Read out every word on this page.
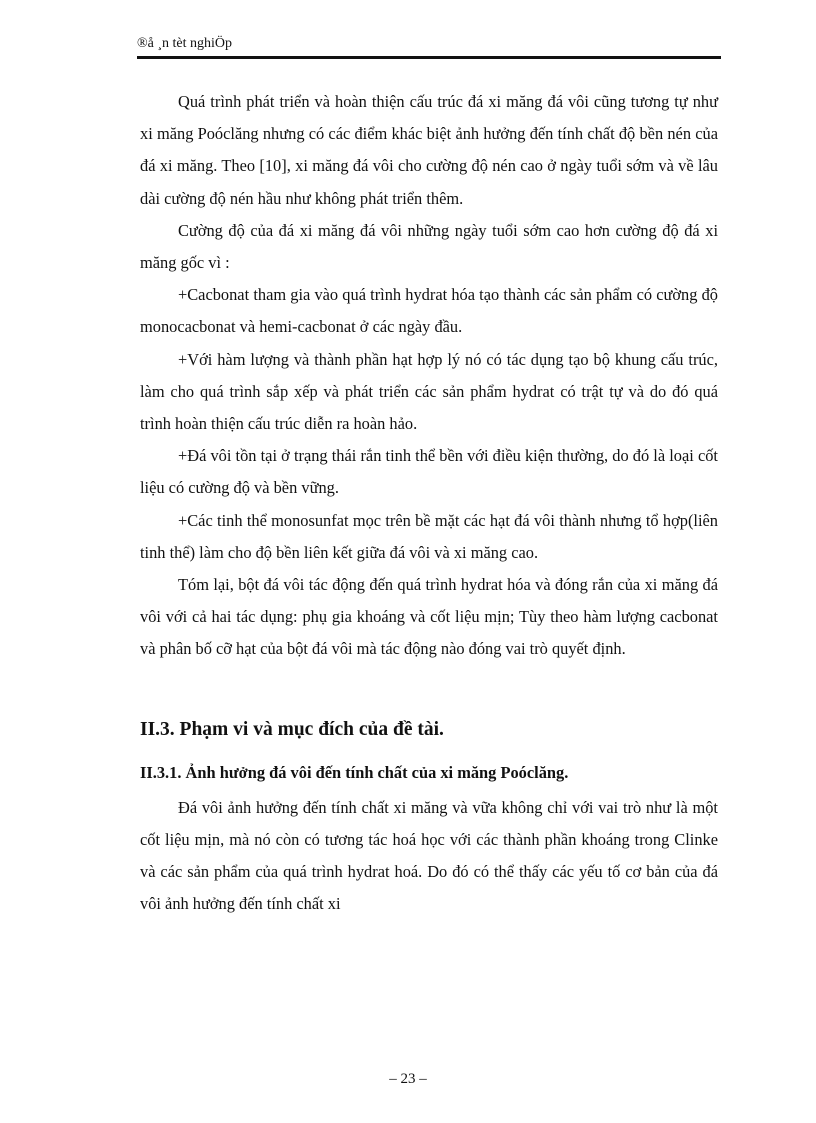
®å ¸n tèt nghiÖp

Quá trình phát triển và hoàn thiện cấu trúc đá xi măng đá vôi cũng tương tự như xi măng Poóclăng nhưng có các điểm khác biệt ảnh hưởng đến tính chất độ bền nén của đá xi măng. Theo [10], xi măng đá vôi cho cường độ nén cao ở ngày tuổi sớm và về lâu dài cường độ nén hầu như không phát triển thêm.

Cường độ của đá xi măng đá vôi những ngày tuổi sớm cao hơn cường độ đá xi măng gốc vì :

+Cacbonat tham gia vào quá trình hydrat hóa tạo thành các sản phẩm có cường độ monocacbonat và hemi-cacbonat ở các ngày đầu.

+Với hàm lượng và thành phần hạt hợp lý nó có tác dụng tạo bộ khung cấu trúc, làm cho quá trình sắp xếp và phát triển các sản phẩm hydrat có trật tự và do đó quá trình hoàn thiện cấu trúc diễn ra hoàn hảo.

+Đá vôi tồn tại ở trạng thái rắn tinh thể bền với điều kiện thường, do đó là loại cốt liệu có cường độ và bền vững.

+Các tinh thể monosunfat mọc trên bề mặt các hạt đá vôi thành nhưng tổ hợp(liên tinh thể) làm cho độ bền liên kết giữa đá vôi và xi măng cao.

Tóm lại, bột đá vôi tác động đến quá trình hydrat hóa và đóng rắn của xi măng đá vôi với cả hai tác dụng: phụ gia khoáng và cốt liệu mịn; Tùy theo hàm lượng cacbonat và phân bố cỡ hạt của bột đá vôi mà tác động nào đóng vai trò quyết định.

II.3. Phạm vi và mục đích của đề tài.
II.3.1. Ảnh hưởng đá vôi đến tính chất của xi măng Poóclăng.

Đá vôi ảnh hưởng đến tính chất xi măng và vữa không chỉ với vai trò như là một cốt liệu mịn, mà nó còn có tương tác hoá học với các thành phần khoáng trong Clinke và các sản phẩm của quá trình hydrat hoá. Do đó có thể thấy các yếu tố cơ bản của đá vôi ảnh hưởng đến tính chất xi

– 23 –
